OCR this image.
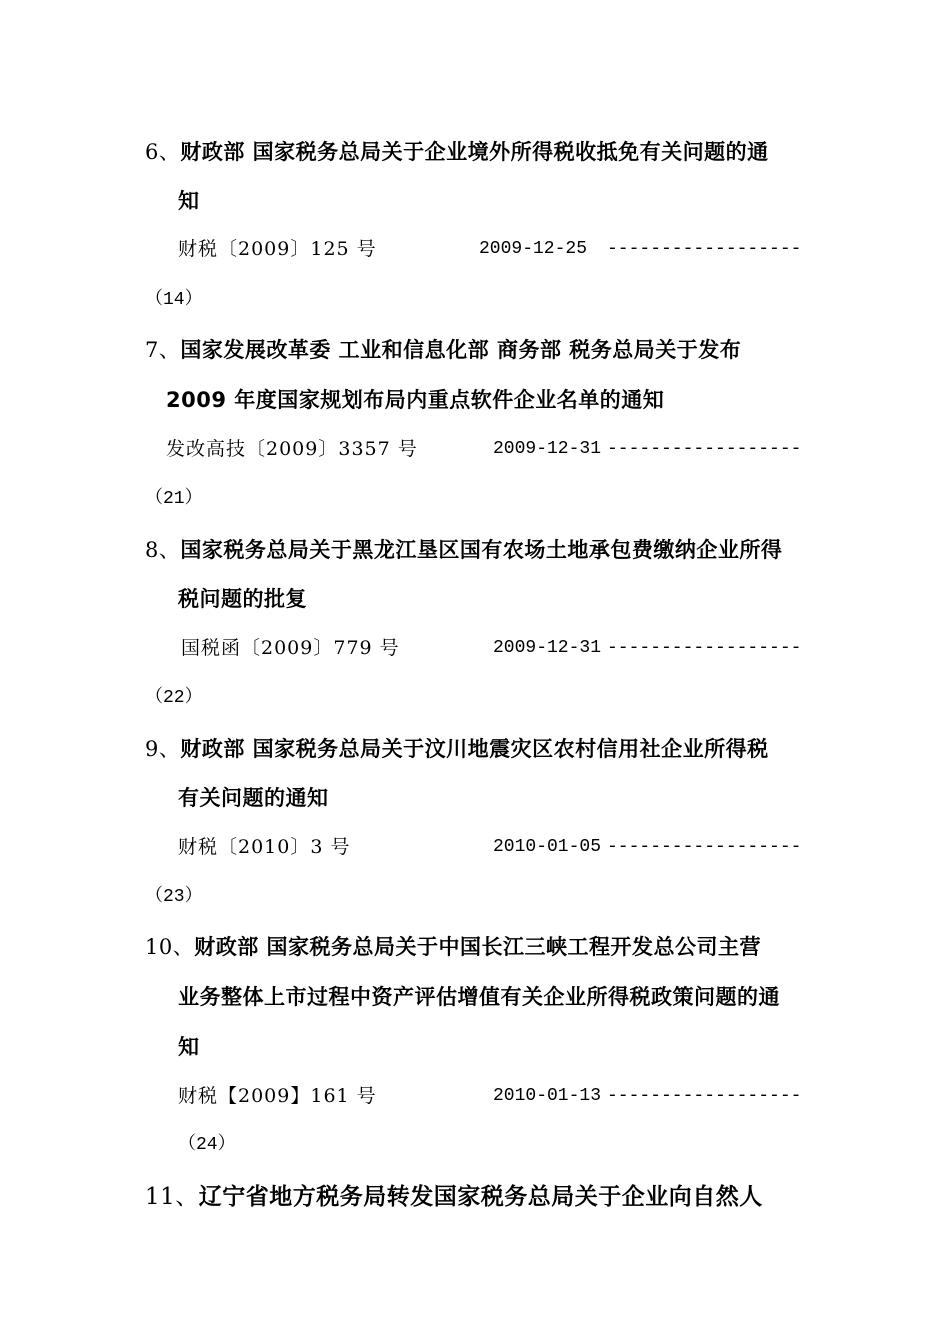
6、财政部 国家税务总局关于企业境外所得税收抵免有关问题的通
知
财税〔2009〕125 号	2009-12-25 ------------------
（14）
7、国家发展改革委 工业和信息化部 商务部 税务总局关于发布
2009 年度国家规划布局内重点软件企业名单的通知
发改高技〔2009〕3357 号	2009-12-31 ------------------
（21）
8、国家税务总局关于黑龙江垦区国有农场土地承包费缴纳企业所得
税问题的批复
国税函〔2009〕779 号	2009-12-31 ------------------
（22）
9、财政部 国家税务总局关于汶川地震灾区农村信用社企业所得税
有关问题的通知
财税〔2010〕3 号	2010-01-05 ------------------
（23）
10、财政部 国家税务总局关于中国长江三峡工程开发总公司主营
业务整体上市过程中资产评估增值有关企业所得税政策问题的通
知
财税【2009】161 号	2010-01-13 ------------------
（24）
11、辽宁省地方税务局转发国家税务总局关于企业向自然人
